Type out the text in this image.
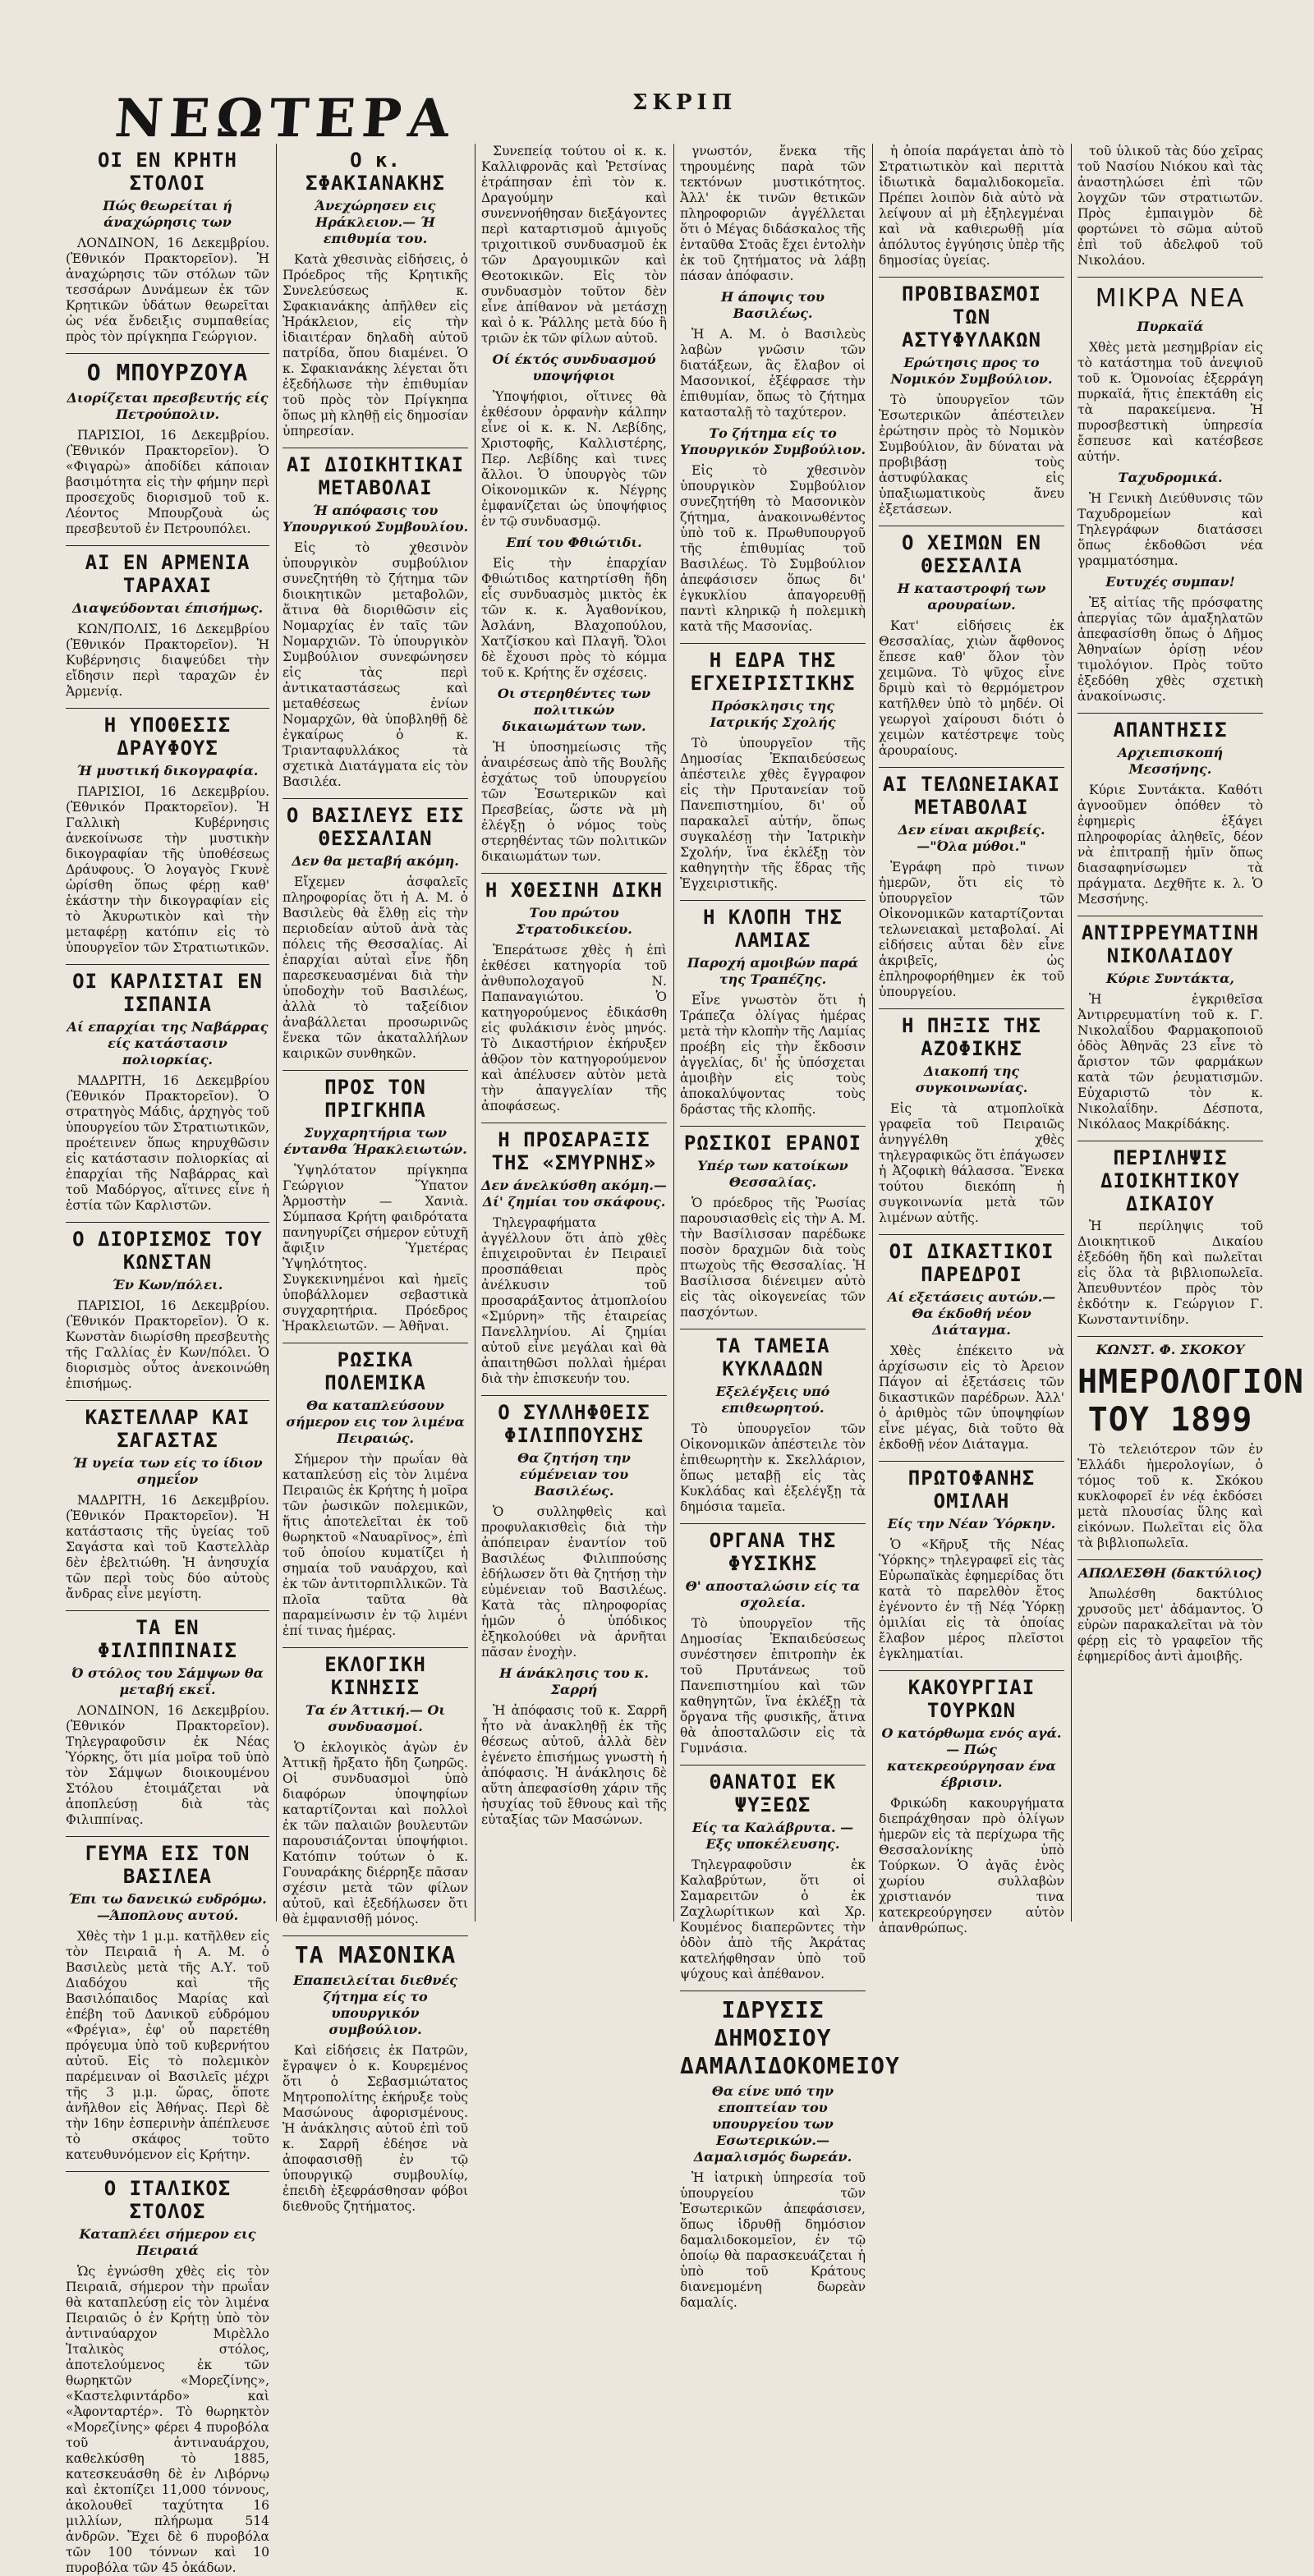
ΝΕΩΤΕΡΑ	ΣΚΡΙΠ
ΟΙ ΕΝ ΚΡΗΤΗ ΣΤΟΛΟΙ
Πώς θεωρείται ή άναχώρησις των

ΛΟΝΔΙΝΟΝ, 16 Δεκεμβρίου. (Ἑθνικόν Πρακτορεῖον). Ἡ ἀναχώρησις τῶν στόλων τῶν τεσσάρων Δυνάμεων ἐκ τῶν Κρητικῶν ὑδάτων θεωρεῖται ὡς νέα ἔνδειξις συμπαθείας πρὸς τὸν πρίγκηπα Γεώργιον.

Ο ΜΠΟΥΡΖΟΥΑ
Διορίζεται πρεσβευτής είς Πετρούπολιν.

ΠΑΡΙΣΙΟΙ, 16 Δεκεμβρίου. (Ἑθνικόν Πρακτορεῖον). Ὁ «Φιγαρὼ» ἀποδίδει κάποιαν βασιμότητα εἰς τὴν φήμην περὶ προσεχοῦς διορισμοῦ τοῦ κ. Λέοντος Μπουρζουὰ ὡς πρεσβευτοῦ ἐν Πετρουπόλει.

ΑΙ ΕΝ ΑΡΜΕΝΙΑ ΤΑΡΑΧΑΙ
Διαψεύδονται έπισήμως.

ΚΩΝ/ΠΟΛΙΣ, 16 Δεκεμβρίου (Ἑθνικόν Πρακτορεῖον). Ἡ Κυβέρνησις διαψεύδει τὴν εἴδησιν περὶ ταραχῶν ἐν Ἀρμενίᾳ.

Η ΥΠΟΘΕΣΙΣ ΔΡΑΥΦΟΥΣ
Ή μυστική δικογραφία.

ΠΑΡΙΣΙΟΙ, 16 Δεκεμβρίου. (Ἑθνικόν Πρακτορεῖον). Ἡ Γαλλικὴ Κυβέρνησις ἀνεκοίνωσε τὴν μυστικὴν δικογραφίαν τῆς ὑποθέσεως Δράυφους. Ὁ λογαγὸς Γκυνὲ ὡρίσθη ὅπως φέρῃ καθ' ἑκάστην τὴν δικογραφίαν εἰς τὸ Ἀκυρωτικὸν καὶ τὴν μεταφέρῃ κατόπιν εἰς τὸ ὑπουργεῖον τῶν Στρατιωτικῶν.

ΟΙ ΚΑΡΛΙΣΤΑΙ ΕΝ ΙΣΠΑΝΙΑ
Αί επαρχίαι της Ναβάρρας είς κατάστασιν πολιορκίας.

ΜΑΔΡΙΤΗ, 16 Δεκεμβρίου (Ἑθνικόν Πρακτορεῖον). Ὁ στρατηγὸς Μάδις, ἀρχηγὸς τοῦ ὑπουργείου τῶν Στρατιωτικῶν, προέτεινεν ὅπως κηρυχθῶσιν εἰς κατάστασιν πολιορκίας αἱ ἐπαρχίαι τῆς Ναβάρρας καὶ τοῦ Μαδόργος, αἵτινες εἶνε ἡ ἑστία τῶν Καρλιστῶν.

Ο ΔΙΟΡΙΣΜΟΣ ΤΟΥ ΚΩΝΣΤΑΝ
Έν Κων/πόλει.

ΠΑΡΙΣΙΟΙ, 16 Δεκεμβρίου. (Ἑθνικόν Πρακτορεῖον). Ὁ κ. Κωνστὰν διωρίσθη πρεσβευτὴς τῆς Γαλλίας ἐν Κων/πόλει. Ὁ διορισμὸς οὗτος ἀνεκοινώθη ἐπισήμως.

ΚΑΣΤΕΛΛΑΡ ΚΑΙ ΣΑΓΑΣΤΑΣ
Ή υγεία των είς το ίδιον σημεΐον

ΜΑΔΡΙΤΗ, 16 Δεκεμβρίου. (Ἑθνικόν Πρακτορεῖον). Ἡ κατάστασις τῆς ὑγείας τοῦ Σαγάστα καὶ τοῦ Καστελλὰρ δὲν ἐβελτιώθη. Ἡ ἀνησυχία τῶν περὶ τοὺς δύο αὐτοὺς ἄνδρας εἶνε μεγίστη.

ΤΑ ΕΝ ΦΙΛΙΠΠΙΝΑΙΣ
Ό στόλος του Σάμψων θα μεταβή εκεΐ.

ΛΟΝΔΙΝΟΝ, 16 Δεκεμβρίου. (Ἑθνικόν Πρακτορεῖον). Τηλεγραφοῦσιν ἐκ Νέας Ὑόρκης, ὅτι μία μοῖρα τοῦ ὑπὸ τὸν Σάμψων διοικουμένου Στόλου ἑτοιμάζεται νὰ ἀποπλεύσῃ διὰ τὰς Φιλιππίνας.

ΓΕΥΜΑ ΕΙΣ ΤΟΝ ΒΑΣΙΛΕΑ
Έπι τω δανεικώ ευδρόμω.—Άποπλους αυτού.

Χθὲς τὴν 1 μ.μ. κατῆλθεν εἰς τὸν Πειραιᾶ ἡ Α. Μ. ὁ Βασιλεὺς μετὰ τῆς Α.Υ. τοῦ Διαδόχου καὶ τῆς Βασιλόπαιδος Μαρίας καὶ ἐπέβη τοῦ Δανικοῦ εὐδρόμου «Φρέγια», ἐφ' οὗ παρετέθη πρόγευμα ὑπὸ τοῦ κυβερνήτου αὐτοῦ. Εἰς τὸ πολεμικὸν παρέμειναν οἱ Βασιλεῖς μέχρι τῆς 3 μ.μ. ὥρας, ὅποτε ἀνῆλθον εἰς Ἀθήνας. Περὶ δὲ τὴν 16ην ἐσπερινὴν ἀπέπλευσε τὸ σκάφος τοῦτο κατευθυνόμενον εἰς Κρήτην.

Ο ΙΤΑΛΙΚΟΣ ΣΤΟΛΟΣ
Καταπλέει σήμερον εις Πειραιά

Ὡς ἐγνώσθη χθὲς εἰς τὸν Πειραιᾶ, σήμερον τὴν πρωΐαν θὰ καταπλεύσῃ εἰς τὸν λιμένα Πειραιῶς ὁ ἐν Κρήτῃ ὑπὸ τὸν ἀντιναύαρχον Μιρὲλλο Ἰταλικὸς στόλος, ἀποτελούμενος ἐκ τῶν θωρηκτῶν «Μορεζίνης», «Καστελφιντάρδο» καὶ «Ἀφονταρτέρ». Τὸ θωρηκτὸν «Μορεζίνης» φέρει 4 πυροβόλα τοῦ ἀντιναυάρχου, καθελκύσθη τὸ 1885, κατεσκευάσθη δὲ ἐν Λιβόρνῳ καὶ ἐκτοπίζει 11,000 τόννους, ἀκολουθεῖ ταχύτητα 16 μιλλίων, πλήρωμα 514 ἀνδρῶν. Ἔχει δὲ 6 πυροβόλα τῶν 100 τόννων καὶ 10 πυροβόλα τῶν 45 ὀκάδων.

Ο κ. ΣΦΑΚΙΑΝΑΚΗΣ
Άνεχώρησεν εις Ηράκλειον.— Ή επιθυμία του.

Κατὰ χθεσινὰς εἰδήσεις, ὁ Πρόεδρος τῆς Κρητικῆς Συνελεύσεως κ. Σφακιανάκης ἀπῆλθεν εἰς Ἡράκλειον, εἰς τὴν ἰδιαιτέραν δηλαδὴ αὐτοῦ πατρίδα, ὅπου διαμένει. Ὁ κ. Σφακιανάκης λέγεται ὅτι ἐξεδήλωσε τὴν ἐπιθυμίαν τοῦ πρὸς τὸν Πρίγκηπα ὅπως μὴ κληθῇ εἰς δημοσίαν ὑπηρεσίαν.

ΑΙ ΔΙΟΙΚΗΤΙΚΑΙ ΜΕΤΑΒΟΛΑΙ
Ή απόφασις του Υπουργικού Συμβουλίου.

Εἰς τὸ χθεσινὸν ὑπουργικὸν συμβούλιον συνεζητήθη τὸ ζήτημα τῶν διοικητικῶν μεταβολῶν, ἅτινα θὰ διοριθῶσιν εἰς Νομαρχίας ἐν ταῖς τῶν Νομαρχιῶν. Τὸ ὑπουργικὸν Συμβούλιον συνεφώνησεν εἰς τὰς περὶ ἀντικαταστάσεως καὶ μεταθέσεως ἐνίων Νομαρχῶν, θὰ ὑποβληθῇ δὲ ἐγκαίρως ὁ κ. Τριανταφυλλάκος τὰ σχετικὰ Διατάγματα εἰς τὸν Βασιλέα.

Ο ΒΑΣΙΛΕΥΣ ΕΙΣ ΘΕΣΣΑΛΙΑΝ
Δεν θα μεταβή ακόμη.

Εἴχεμεν ἀσφαλεῖς πληροφορίας ὅτι ἡ Α. Μ. ὁ Βασιλεὺς θὰ ἔλθῃ εἰς τὴν περιοδείαν αὐτοῦ ἀνὰ τὰς πόλεις τῆς Θεσσαλίας. Αἱ ἐπαρχίαι αὐταὶ εἶνε ἤδη παρεσκευασμέναι διὰ τὴν ὑποδοχὴν τοῦ Βασιλέως, ἀλλὰ τὸ ταξείδιον ἀναβάλλεται προσωρινῶς ἕνεκα τῶν ἀκαταλλήλων καιρικῶν συνθηκῶν.

ΠΡΟΣ ΤΟΝ ΠΡΙΓΚΗΠΑ
Συγχαρητήρια των έντανθα Ήρακλειωτών.

Ὑψηλότατον πρίγκηπα Γεώργιον Ὕπατον Ἁρμοστὴν — Χανιὰ. Σύμπασα Κρήτη φαιδρότατα πανηγυρίζει σήμερον εὐτυχῆ ἄφιξιν Ὑμετέρας Ὑψηλότητος. Συγκεκινημένοι καὶ ἡμεῖς ὑποβάλλομεν σεβαστικὰ συγχαρητήρια. Πρόεδρος Ἡρακλειωτῶν. — Ἀθῆναι.

ΡΩΣΙΚΑ ΠΟΛΕΜΙΚΑ
Θα καταπλεύσουν σήμερον εις τον λιμένα Πειραιώς.

Σήμερον τὴν πρωΐαν θὰ καταπλεύσῃ εἰς τὸν λιμένα Πειραιῶς ἐκ Κρήτης ἡ μοῖρα τῶν ῥωσικῶν πολεμικῶν, ἥτις ἀποτελεῖται ἐκ τοῦ θωρηκτοῦ «Ναυαρῖνος», ἐπὶ τοῦ ὁποίου κυματίζει ἡ σημαία τοῦ ναυάρχου, καὶ ἐκ τῶν ἀντιτορπιλλικῶν. Τὰ πλοῖα ταῦτα θὰ παραμείνωσιν ἐν τῷ λιμένι ἐπί τινας ἡμέρας.

ΕΚΛΟΓΙΚΗ ΚΙΝΗΣΙΣ
Τα έν Άττική.— Οι συνδυασμοί.

Ὁ ἐκλογικὸς ἀγὼν ἐν Ἀττικῇ ἤρξατο ἤδη ζωηρῶς. Οἱ συνδυασμοὶ ὑπὸ διαφόρων ὑποψηφίων καταρτίζονται καὶ πολλοὶ ἐκ τῶν παλαιῶν βουλευτῶν παρουσιάζονται ὑποψήφιοι. Κατόπιν τούτων ὁ κ. Γουναράκης διέρρηξε πᾶσαν σχέσιν μετὰ τῶν φίλων αὐτοῦ, καὶ ἐξεδήλωσεν ὅτι θὰ ἐμφανισθῇ μόνος.

ΤΑ ΜΑΣΟΝΙΚΑ
Επαπειλείται διεθνές ζήτημα είς το υπουργικόν συμβούλιον.

Καὶ εἰδήσεις ἐκ Πατρῶν, ἔγραψεν ὁ κ. Κουρεμένος ὅτι ὁ Σεβασμιώτατος Μητροπολίτης ἐκήρυξε τοὺς Μασώνους ἀφορισμένους. Ἡ ἀνάκλησις αὐτοῦ ἐπὶ τοῦ κ. Σαρρῆ ἐδέησε νὰ ἀποφασισθῇ ἐν τῷ ὑπουργικῷ συμβουλίῳ, ἐπειδὴ ἐξεφράσθησαν φόβοι διεθνοῦς ζητήματος.

Συνεπείᾳ τούτου οἱ κ. κ. Καλλιφρονᾶς καὶ Ῥετσίνας ἐτράπησαν ἐπὶ τὸν κ. Δραγούμην καὶ συνεννοήθησαν διεξάγοντες περὶ καταρτισμοῦ ἀμιγοῦς τριχοιτικοῦ συνδυασμοῦ ἐκ τῶν Δραγουμικῶν καὶ Θεοτοκικῶν. Εἰς τὸν συνδυασμὸν τοῦτον δὲν εἶνε ἀπίθανον νὰ μετάσχῃ καὶ ὁ κ. Ῥάλλης μετὰ δύο ἢ τριῶν ἐκ τῶν φίλων αὐτοῦ.

Οί έκτός συνδυασμού υποψήφιοι

Ὑποψήφιοι, οἵτινες θὰ ἐκθέσουν ὀρφανὴν κάλπην εἶνε οἱ κ. κ. Ν. Λεβίδης, Χριστοφῆς, Καλλιστέρης, Περ. Λεβίδης καὶ τινες ἄλλοι. Ὁ ὑπουργὸς τῶν Οἰκονομικῶν κ. Νέγρης ἐμφανίζεται ὡς ὑποψήφιος ἐν τῷ συνδυασμῷ.

Επί του Φθιώτιδι.

Εἰς τὴν ἐπαρχίαν Φθιώτιδος κατηρτίσθη ἤδη εἷς συνδυασμὸς μικτὸς ἐκ τῶν κ. κ. Ἀγαθονίκου, Ἀσλάνη, Βλαχοπούλου, Χατζίσκου καὶ Πλαγῆ. Ὅλοι δὲ ἔχουσι πρὸς τὸ κόμμα τοῦ κ. Κρήτης ἕν σχέσεις.

Οι στερηθέντες των πολιτικών δικαιωμάτων των.

Ἡ ὑποσημείωσις τῆς ἀναιρέσεως ἀπὸ τῆς Βουλῆς ἐσχάτως τοῦ ὑπουργείου τῶν Ἐσωτερικῶν καὶ Πρεσβείας, ὥστε νὰ μὴ ἐλέγξῃ ὁ νόμος τοὺς στερηθέντας τῶν πολιτικῶν δικαιωμάτων των.

Η ΧΘΕΣΙΝΗ ΔΙΚΗ
Του πρώτου Στρατοδικείου.

Ἐπεράτωσε χθὲς ἡ ἐπὶ ἐκθέσει κατηγορία τοῦ ἀνθυπολοχαγοῦ Ν. Παπαναγιώτου. Ὁ κατηγορούμενος ἐδικάσθη εἰς φυλάκισιν ἑνὸς μηνός. Τὸ Δικαστήριον ἐκήρυξεν ἀθῷον τὸν κατηγορούμενον καὶ ἀπέλυσεν αὐτὸν μετὰ τὴν ἀπαγγελίαν τῆς ἀποφάσεως.

Η ΠΡΟΣΑΡΑΞΙΣ ΤΗΣ «ΣΜΥΡΝΗΣ»
Δεν άνελκύσθη ακόμη.—Δί' ζημίαι του σκάφους.

Τηλεγραφήματα ἀγγέλλουν ὅτι ἀπὸ χθὲς ἐπιχειροῦνται ἐν Πειραιεῖ προσπάθειαι πρὸς ἀνέλκυσιν τοῦ προσαράξαντος ἀτμοπλοίου «Σμύρνη» τῆς ἑταιρείας Πανελληνίου. Αἱ ζημίαι αὐτοῦ εἶνε μεγάλαι καὶ θὰ ἀπαιτηθῶσι πολλαὶ ἡμέραι διὰ τὴν ἐπισκευήν του.

Ο ΣΥΛΛΗΦΘΕΙΣ ΦΙΛΙΠΠΟΥΣΗΣ
Θα ζητήση την εύμένειαν του Βασιλέως.

Ὁ συλληφθεὶς καὶ προφυλακισθεὶς διὰ τὴν ἀπόπειραν ἐναντίον τοῦ Βασιλέως Φιλιππούσης ἐδήλωσεν ὅτι θὰ ζητήσῃ τὴν εὐμένειαν τοῦ Βασιλέως. Κατὰ τὰς πληροφορίας ἡμῶν ὁ ὑπόδικος ἐξηκολούθει νὰ ἀρνῆται πᾶσαν ἐνοχὴν.

Η άνάκλησις του κ. Σαρρή

Ἡ ἀπόφασις τοῦ κ. Σαρρῆ ἦτο νὰ ἀνακληθῇ ἐκ τῆς θέσεως αὐτοῦ, ἀλλὰ δὲν ἐγένετο ἐπισήμως γνωστὴ ἡ ἀπόφασις. Ἡ ἀνάκλησις δὲ αὕτη ἀπεφασίσθη χάριν τῆς ἡσυχίας τοῦ ἔθνους καὶ τῆς εὐταξίας τῶν Μασώνων.

γνωστόν, ἕνεκα τῆς τηρουμένης παρὰ τῶν τεκτόνων μυστικότητος. Ἀλλ' ἐκ τινῶν θετικῶν πληροφοριῶν ἀγγέλλεται ὅτι ὁ Μέγας διδάσκαλος τῆς ἐνταῦθα Στοᾶς ἔχει ἐντολὴν ἐκ τοῦ ζητήματος νὰ λάβῃ πάσαν ἀπόφασιν.

Η άποψις του Βασιλέως.

Ἡ Α. Μ. ὁ Βασιλεὺς λαβὼν γνῶσιν τῶν διατάξεων, ἃς ἔλαβον οἱ Μασονικοί, ἐξέφρασε τὴν ἐπιθυμίαν, ὅπως τὸ ζήτημα κατασταλῇ τὸ ταχύτερον.

Το ζήτημα είς το Υπουργικόν Συμβούλιον.

Εἰς τὸ χθεσινὸν ὑπουργικὸν Συμβούλιον συνεζητήθη τὸ Μασονικὸν ζήτημα, ἀνακοινωθέντος ὑπὸ τοῦ κ. Πρωθυπουργοῦ τῆς ἐπιθυμίας τοῦ Βασιλέως. Τὸ Συμβούλιον ἀπεφάσισεν ὅπως δι' ἐγκυκλίου ἀπαγορευθῇ παντὶ κληρικῷ ἡ πολεμικὴ κατὰ τῆς Μασονίας.

Η ΕΔΡΑ ΤΗΣ ΕΓΧΕΙΡΙΣΤΙΚΗΣ
Πρόσκλησις της Ιατρικής Σχολής

Τὸ ὑπουργεῖον τῆς Δημοσίας Ἐκπαιδεύσεως ἀπέστειλε χθὲς ἔγγραφον εἰς τὴν Πρυτανείαν τοῦ Πανεπιστημίου, δι' οὗ παρακαλεῖ αὐτήν, ὅπως συγκαλέσῃ τὴν Ἰατρικὴν Σχολήν, ἵνα ἐκλέξῃ τὸν καθηγητὴν τῆς ἕδρας τῆς Ἐγχειριστικῆς.

Η ΚΛΟΠΗ ΤΗΣ ΛΑΜΙΑΣ
Παροχή αμοιβών παρά της Τραπέζης.

Εἶνε γνωστὸν ὅτι ἡ Τράπεζα ὀλίγας ἡμέρας μετὰ τὴν κλοπὴν τῆς Λαμίας προέβη εἰς τὴν ἔκδοσιν ἀγγελίας, δι' ἧς ὑπόσχεται ἀμοιβὴν εἰς τοὺς ἀποκαλύψοντας τοὺς δράστας τῆς κλοπῆς.

ΡΩΣΙΚΟΙ ΕΡΑΝΟΙ
Υπέρ των κατοίκων Θεσσαλίας.

Ὁ πρόεδρος τῆς Ῥωσίας παρουσιασθεὶς εἰς τὴν Α. Μ. τὴν Βασίλισσαν παρέδωκε ποσὸν δραχμῶν διὰ τοὺς πτωχοὺς τῆς Θεσσαλίας. Ἡ Βασίλισσα διένειμεν αὐτὸ εἰς τὰς οἰκογενείας τῶν πασχόντων.

ΤΑ ΤΑΜΕΙΑ ΚΥΚΛΑΔΩΝ
Εξελέγξεις υπό επιθεωρητού.

Τὸ ὑπουργεῖον τῶν Οἰκονομικῶν ἀπέστειλε τὸν ἐπιθεωρητὴν κ. Σκελλάριον, ὅπως μεταβῇ εἰς τὰς Κυκλάδας καὶ ἐξελέγξῃ τὰ δημόσια ταμεῖα.

ΟΡΓΑΝΑ ΤΗΣ ΦΥΣΙΚΗΣ
Θ' αποσταλώσιν είς τα σχολεία.

Τὸ ὑπουργεῖον τῆς Δημοσίας Ἐκπαιδεύσεως συνέστησεν ἐπιτροπὴν ἐκ τοῦ Πρυτάνεως τοῦ Πανεπιστημίου καὶ τῶν καθηγητῶν, ἵνα ἐκλέξῃ τὰ ὄργανα τῆς φυσικῆς, ἅτινα θὰ ἀποσταλῶσιν εἰς τὰ Γυμνάσια.

ΘΑΝΑΤΟΙ ΕΚ ΨΥΞΕΩΣ
Είς τα Καλάβρυτα. — Εξς υποκέλευσης.

Τηλεγραφοῦσιν ἐκ Καλαβρύτων, ὅτι οἱ Σαμαρειτῶν ὁ ἐκ Ζαχλωρίτικων καὶ Χρ. Κουμένος διαπερῶντες τὴν ὁδὸν ἀπὸ τῆς Ἀκράτας κατελήφθησαν ὑπὸ τοῦ ψύχους καὶ ἀπέθανον.

ΙΔΡΥΣΙΣ ΔΗΜΟΣΙΟΥ ΔΑΜΑΛΙΔΟΚΟΜΕΙΟΥ
Θα είνε υπό την εποπτείαν του υπουργείου των Εσωτερικών.— Δαμαλισμός δωρεάν.

Ἡ ἰατρικὴ ὑπηρεσία τοῦ ὑπουργείου τῶν Ἐσωτερικῶν ἀπεφάσισεν, ὅπως ἱδρυθῇ δημόσιον δαμαλιδοκομεῖον, ἐν τῷ ὁποίῳ θὰ παρασκευάζεται ἡ ὑπὸ τοῦ Κράτους διανεμομένη δωρεὰν δαμαλίς.

ἡ ὁποία παράγεται ἀπὸ τὸ Στρατιωτικὸν καὶ περιττὰ ἰδιωτικὰ δαμαλιδοκομεῖα. Πρέπει λοιπὸν διὰ αὐτὸ νὰ λείψουν αἱ μὴ ἐξηλεγμέναι καὶ νὰ καθιερωθῇ μία ἀπόλυτος ἐγγύησις ὑπὲρ τῆς δημοσίας ὑγείας.

ΠΡΟΒΙΒΑΣΜΟΙ ΤΩΝ ΑΣΤΥΦΥΛΑΚΩΝ
Ερώτησις προς το Νομικόν Συμβούλιον.

Τὸ ὑπουργεῖον τῶν Ἐσωτερικῶν ἀπέστειλεν ἐρώτησιν πρὸς τὸ Νομικὸν Συμβούλιον, ἂν δύναται νὰ προβιβάσῃ τοὺς ἀστυφύλακας εἰς ὑπαξιωματικοὺς ἄνευ ἐξετάσεων.

Ο ΧΕΙΜΩΝ ΕΝ ΘΕΣΣΑΛΙΑ
Η καταστροφή των αρουραίων.

Κατ' εἰδήσεις ἐκ Θεσσαλίας, χιὼν ἄφθονος ἔπεσε καθ' ὅλον τὸν χειμῶνα. Τὸ ψῦχος εἶνε δριμὺ καὶ τὸ θερμόμετρον κατῆλθεν ὑπὸ τὸ μηδέν. Οἱ γεωργοὶ χαίρουσι διότι ὁ χειμὼν κατέστρεψε τοὺς ἀρουραίους.

ΑΙ ΤΕΛΩΝΕΙΑΚΑΙ ΜΕΤΑΒΟΛΑΙ
Δεν είναι ακριβείς.—"Όλα μύθοι."

Ἐγράφη πρὸ τινων ἡμερῶν, ὅτι εἰς τὸ ὑπουργεῖον τῶν Οἰκονομικῶν καταρτίζονται τελωνειακαὶ μεταβολαί. Αἱ εἰδήσεις αὗται δὲν εἶνε ἀκριβεῖς, ὡς ἐπληροφορήθημεν ἐκ τοῦ ὑπουργείου.

Η ΠΗΞΙΣ ΤΗΣ ΑΖΟΦΙΚΗΣ
Διακοπή της συγκοινωνίας.

Εἰς τὰ ατμοπλοϊκὰ γραφεῖα τοῦ Πειραιῶς ἀνηγγέλθη χθὲς τηλεγραφικῶς ὅτι ἐπάγωσεν ἡ Ἀζοφικὴ θάλασσα. Ἕνεκα τούτου διεκόπη ἡ συγκοινωνία μετὰ τῶν λιμένων αὐτῆς.

ΟΙ ΔΙΚΑΣΤΙΚΟΙ ΠΑΡΕΔΡΟΙ
Αί εξετάσεις αυτών.—Θα έκδοθή νέον Διάταγμα.

Χθὲς ἐπέκειτο νὰ ἀρχίσωσιν εἰς τὸ Ἀρειον Πάγον αἱ ἐξετάσεις τῶν δικαστικῶν παρέδρων. Ἀλλ' ὁ ἀριθμὸς τῶν ὑποψηφίων εἶνε μέγας, διὰ τοῦτο θὰ ἐκδοθῇ νέον Διάταγμα.

ΠΡΩΤΟΦΑΝΗΣ ΟΜΙΛΑΗ
Είς την Νέαν Ύόρκην.

Ὁ «Κῆρυξ τῆς Νέας Ὑόρκης» τηλεγραφεῖ εἰς τὰς Εὐρωπαϊκὰς ἐφημερίδας ὅτι κατὰ τὸ παρελθὸν ἔτος ἐγένοντο ἐν τῇ Νέᾳ Ὑόρκῃ ὁμιλίαι εἰς τὰ ὁποίας ἔλαβον μέρος πλεῖστοι ἐγκληματίαι.

ΚΑΚΟΥΡΓΙΑΙ ΤΟΥΡΚΩΝ
Ο κατόρθωμα ενός αγά.— Πώς κατεκρεούργησαν ένα έβρισιν.

Φρικώδη κακουργήματα διεπράχθησαν πρὸ ὀλίγων ἡμερῶν εἰς τὰ περίχωρα τῆς Θεσσαλονίκης ὑπὸ Τούρκων. Ὁ ἀγᾶς ἑνὸς χωρίου συλλαβὼν χριστιανόν τινα κατεκρεούργησεν αὐτὸν ἀπανθρώπως.

τοῦ ὑλικοῦ τὰς δύο χεῖρας τοῦ Νασίου Νιόκου καὶ τὰς ἀναστηλώσει ἐπὶ τῶν λογχῶν τῶν στρατιωτῶν. Πρὸς ἐμπαιγμὸν δὲ φορτώνει τὸ σῶμα αὐτοῦ ἐπὶ τοῦ ἀδελφοῦ τοῦ Νικολάου.

ΜΙΚΡΑ ΝΕΑ
Πυρκαϊά

Χθὲς μετὰ μεσημβρίαν εἰς τὸ κατάστημα τοῦ ἀνεψιοῦ τοῦ κ. Ὁμονοίας ἐξερράγη πυρκαϊά, ἥτις ἐπεκτάθη εἰς τὰ παρακείμενα. Ἡ πυροσβεστικὴ ὑπηρεσία ἔσπευσε καὶ κατέσβεσε αὐτήν.

Ταχυδρομικά.

Ἡ Γενικὴ Διεύθυνσις τῶν Ταχυδρομείων καὶ Τηλεγράφων διατάσσει ὅπως ἐκδοθῶσι νέα γραμματόσημα.

Ευτυχές συμπαν!

Ἐξ αἰτίας τῆς πρόσφατης ἀπεργίας τῶν ἀμαξηλατῶν ἀπεφασίσθη ὅπως ὁ Δῆμος Ἀθηναίων ὁρίσῃ νέον τιμολόγιον. Πρὸς τοῦτο ἐξεδόθη χθὲς σχετικὴ ἀνακοίνωσις.

ΑΠΑΝΤΗΣΙΣ
Αρχιεπισκοπή Μεσσήνης.

Κύριε Συντάκτα. Καθότι ἀγνοοῦμεν ὁπόθεν τὸ ἐφημερὶς ἐξάγει πληροφορίας ἀληθεῖς, δέον νὰ ἐπιτραπῇ ἡμῖν ὅπως διασαφηνίσωμεν τὰ πράγματα. Δεχθῆτε κ. λ. Ὁ Μεσσήνης.

ΑΝΤΙΡΡΕΥΜΑΤΙΝΗ ΝΙΚΟΛΑΙΔΟΥ
Κύριε Συντάκτα,

Ἡ ἐγκριθεῖσα Ἀντιρρευματίνη τοῦ κ. Γ. Νικολαΐδου Φαρμακοποιοῦ ὁδὸς Ἀθηνᾶς 23 εἶνε τὸ ἄριστον τῶν φαρμάκων κατὰ τῶν ῥευματισμῶν. Εὐχαριστῶ τὸν κ. Νικολαΐδην. Δέσποτα, Νικόλαος Μακρίδάκης.

ΠΕΡΙΛΗΨΙΣ ΔΙΟΙΚΗΤΙΚΟΥ ΔΙΚΑΙΟΥ

Ἡ περίληψις τοῦ Διοικητικοῦ Δικαίου ἐξεδόθη ἤδη καὶ πωλεῖται εἰς ὅλα τὰ βιβλιοπωλεῖα. Ἀπευθυντέον πρὸς τὸν ἐκδότην κ. Γεώργιον Γ. Κωνσταντινίδην.

ΚΩΝΣΤ. Φ. ΣΚΟΚΟΥ
ΗΜΕΡΟΛΟΓΙΟΝ ΤΟΥ 1899

Τὸ τελειότερον τῶν ἐν Ἑλλάδι ἡμερολογίων, ὁ τόμος τοῦ κ. Σκόκου κυκλοφορεῖ ἐν νέᾳ ἐκδόσει μετὰ πλουσίας ὕλης καὶ εἰκόνων. Πωλεῖται εἰς ὅλα τὰ βιβλιοπωλεῖα.

ΑΠΩΛΕΣΘΗ (δακτύλιος)

Ἀπωλέσθη δακτύλιος χρυσοῦς μετ' ἀδάμαντος. Ὁ εὑρὼν παρακαλεῖται νὰ τὸν φέρῃ εἰς τὸ γραφεῖον τῆς ἐφημερίδος ἀντὶ ἀμοιβῆς.
